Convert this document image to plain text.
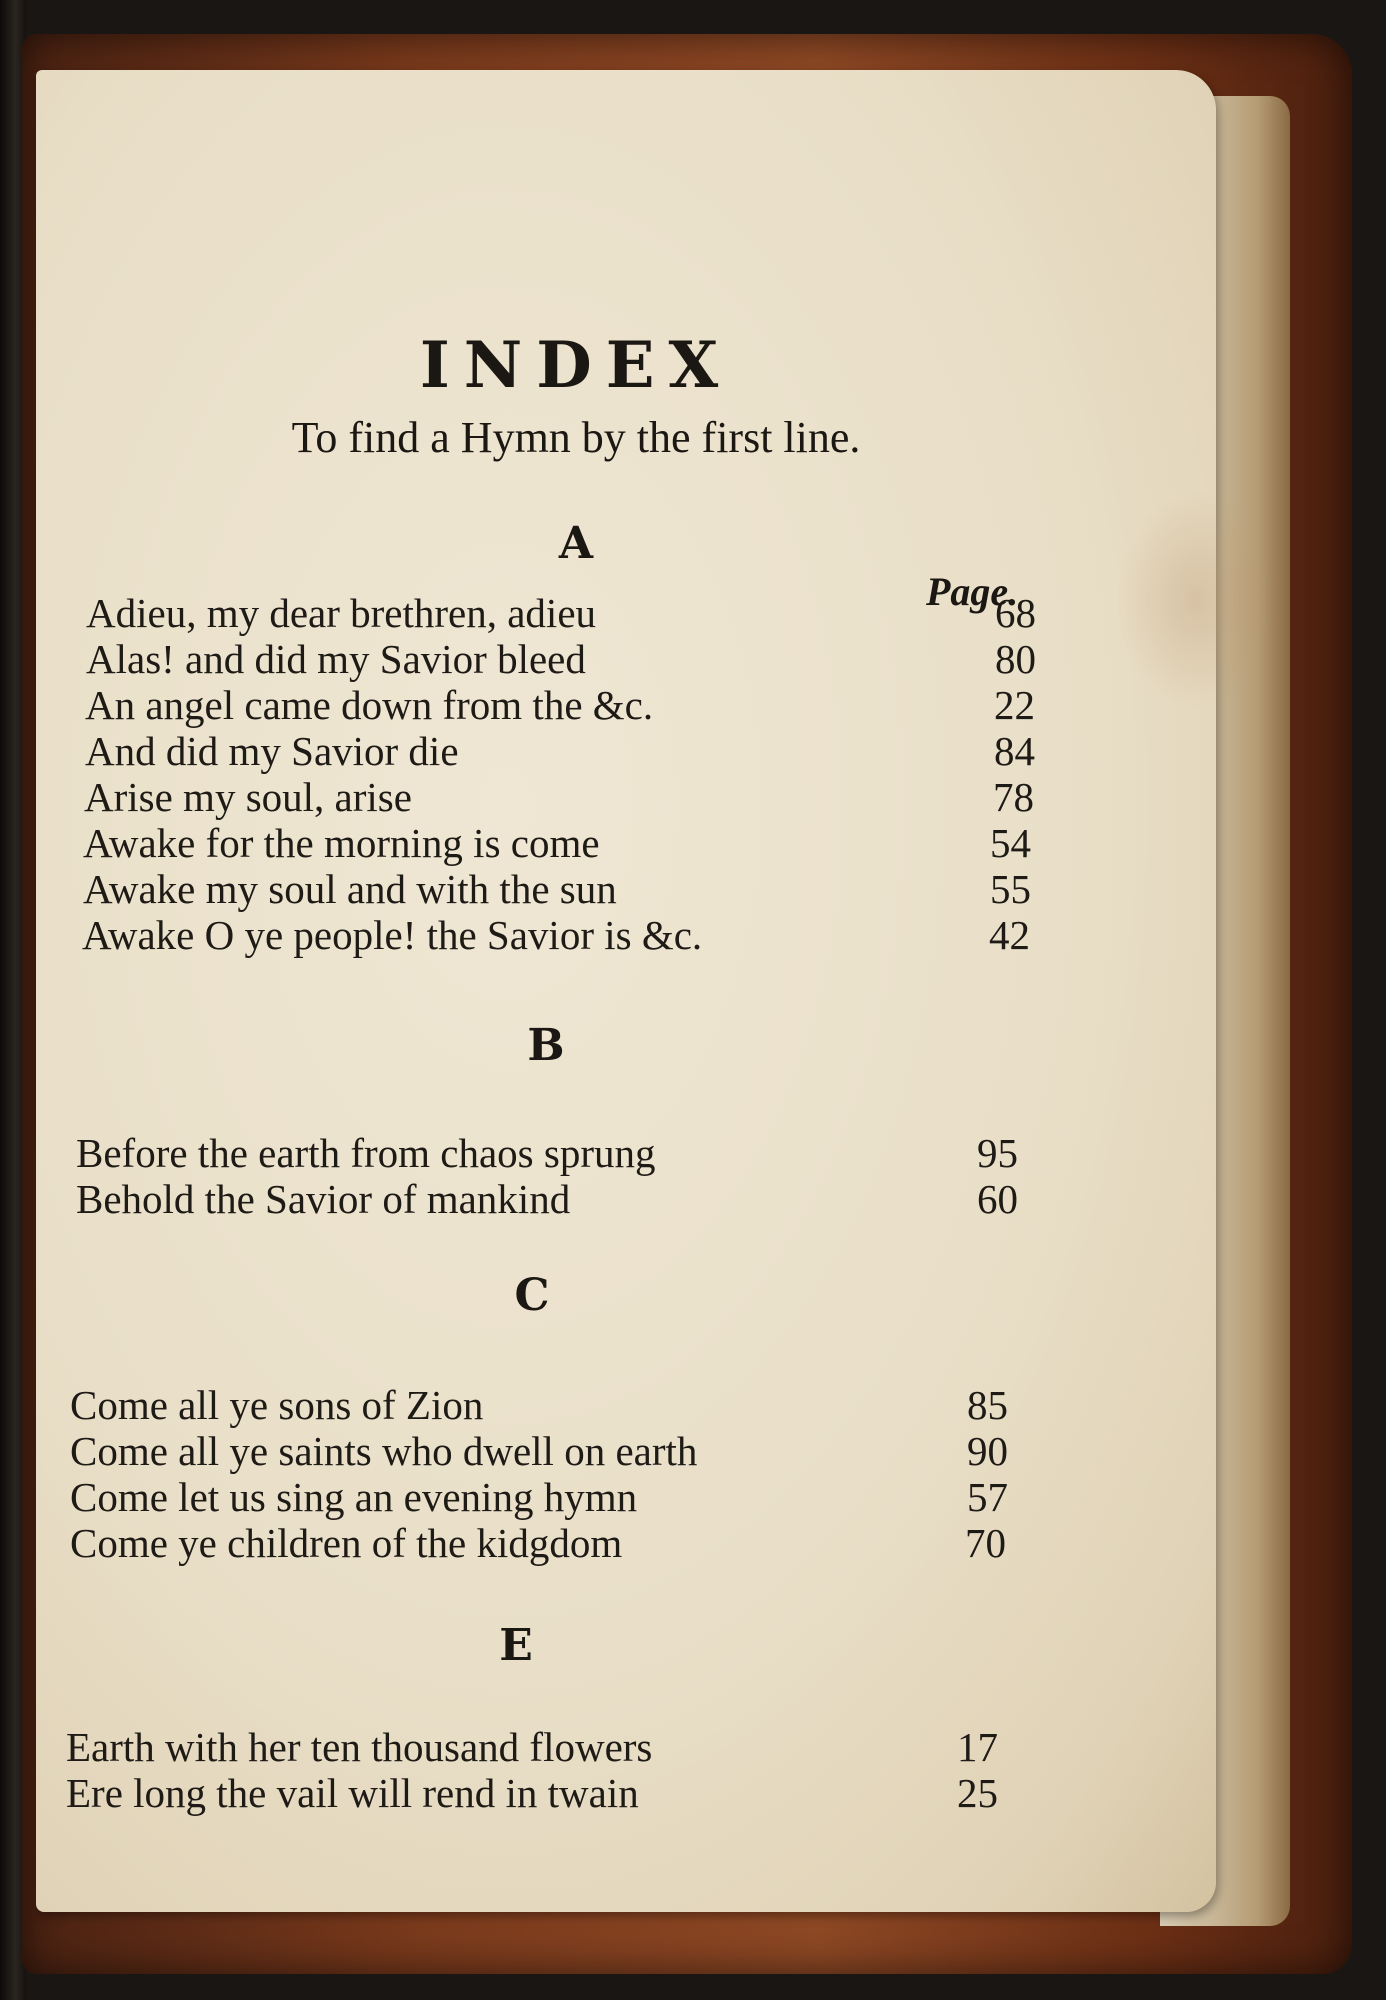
INDEX
To find a Hymn by the first line.
A
Page.
Adieu, my dear brethren, adieu	68
Alas! and did my Savior bleed	80
An angel came down from the &c.	22
And did my Savior die	84
Arise my soul, arise	78
Awake for the morning is come	54
Awake my soul and with the sun	55
Awake O ye people! the Savior is &c.	42
B
Before the earth from chaos sprung	95
Behold the Savior of mankind	60
C
Come all ye sons of Zion	85
Come all ye saints who dwell on earth	90
Come let us sing an evening hymn	57
Come ye children of the kidgdom	70
E
Earth with her ten thousand flowers	17
Ere long the vail will rend in twain	25
